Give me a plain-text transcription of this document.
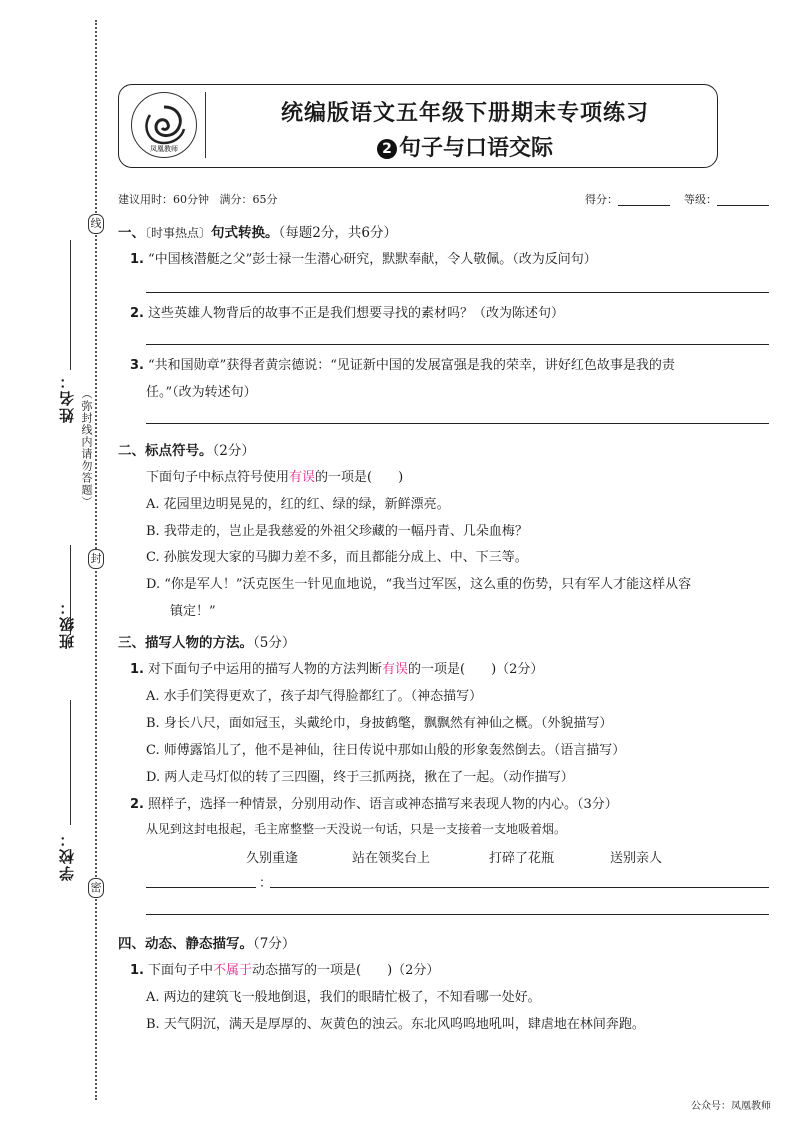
线
封
密
姓名：
班级：
学校：
（弥封线内请勿答题）
凤凰教师
统编版语文五年级下册期末专项练习
2 句子与口语交际
建议用时：60分钟 满分：65分	得分：	等级：
一、〔时事热点〕句式转换。（每题2分，共6分）
1. “中国核潜艇之父”彭士禄一生潜心研究，默默奉献，令人敬佩。（改为反问句）
2. 这些英雄人物背后的故事不正是我们想要寻找的素材吗？（改为陈述句）
3. “共和国勋章”获得者黄宗德说：“见证新中国的发展富强是我的荣幸，讲好红色故事是我的责
任。”（改为转述句）
二、标点符号。（2分）
下面句子中标点符号使用有误的一项是(　　)
A. 花园里边明晃晃的，红的红、绿的绿，新鲜漂亮。
B. 我带走的，岂止是我慈爱的外祖父珍藏的一幅丹青、几朵血梅？
C. 孙膑发现大家的马脚力差不多，而且都能分成上、中、下三等。
D. “你是军人！”沃克医生一针见血地说，“我当过军医，这么重的伤势，只有军人才能这样从容
镇定！”
三、描写人物的方法。（5分）
1. 对下面句子中运用的描写人物的方法判断有误的一项是(　　)（2分）
A. 水手们笑得更欢了，孩子却气得脸都红了。（神态描写）
B. 身长八尺，面如冠玉，头戴纶巾，身披鹤氅，飘飘然有神仙之概。（外貌描写）
C. 师傅露馅儿了，他不是神仙，往日传说中那如山般的形象轰然倒去。（语言描写）
D. 两人走马灯似的转了三四圈，终于三抓两挠，揪在了一起。（动作描写）
2. 照样子，选择一种情景，分别用动作、语言或神态描写来表现人物的内心。（3分）
从见到这封电报起，毛主席整整一天没说一句话，只是一支接着一支地吸着烟。
久别重逢	站在领奖台上	打碎了花瓶	送别亲人
：
四、动态、静态描写。（7分）
1. 下面句子中不属于动态描写的一项是(　　)（2分）
A. 两边的建筑飞一般地倒退，我们的眼睛忙极了，不知看哪一处好。
B. 天气阴沉，满天是厚厚的、灰黄色的浊云。东北风呜呜地吼叫，肆虐地在林间奔跑。
公众号：凤凰教师
